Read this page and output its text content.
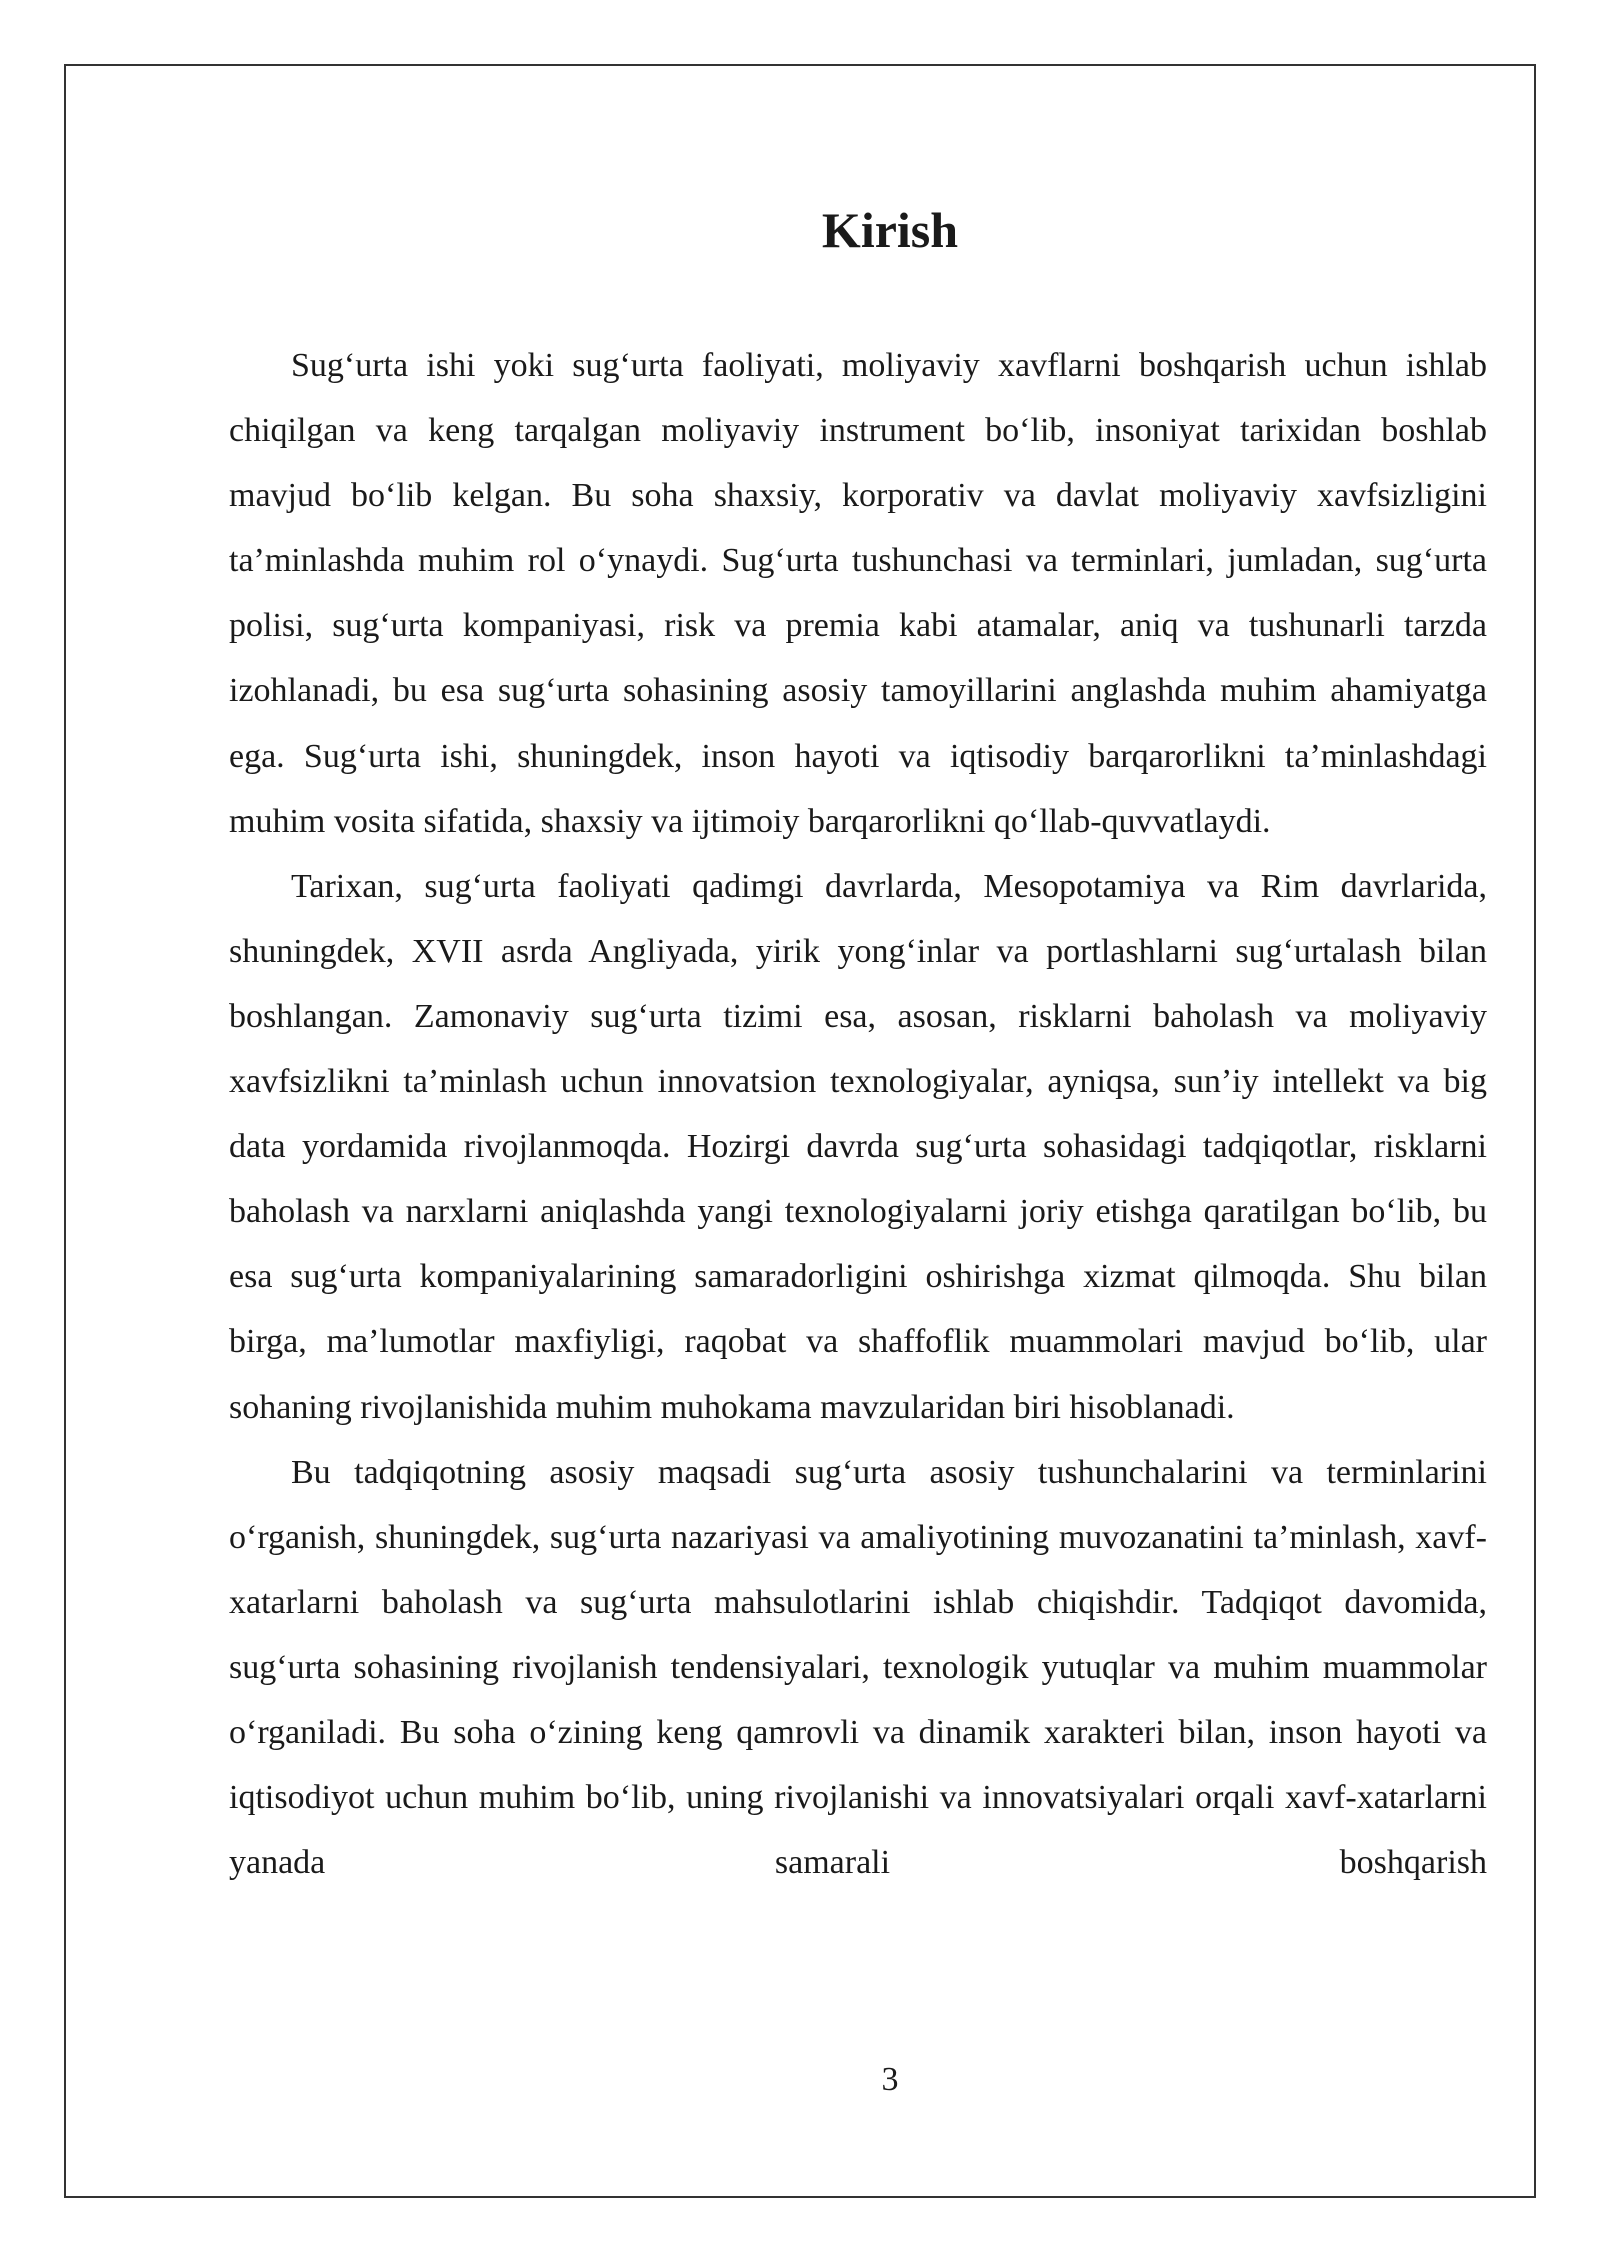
Kirish

Sug‘urta ishi yoki sug‘urta faoliyati, moliyaviy xavflarni boshqarish uchun ishlab chiqilgan va keng tarqalgan moliyaviy instrument bo‘lib, insoniyat tarixidan boshlab mavjud bo‘lib kelgan. Bu soha shaxsiy, korporativ va davlat moliyaviy xavfsizligini ta’minlashda muhim rol o‘ynaydi. Sug‘urta tushunchasi va terminlari, jumladan, sug‘urta polisi, sug‘urta kompaniyasi, risk va premia kabi atamalar, aniq va tushunarli tarzda izohlanadi, bu esa sug‘urta sohasining asosiy tamoyillarini anglashda muhim ahamiyatga ega. Sug‘urta ishi, shuningdek, inson hayoti va iqtisodiy barqarorlikni ta’minlashdagi muhim vosita sifatida, shaxsiy va ijtimoiy barqarorlikni qo‘llab-quvvatlaydi.

Tarixan, sug‘urta faoliyati qadimgi davrlarda, Mesopotamiya va Rim davrlarida, shuningdek, XVII asrda Angliyada, yirik yong‘inlar va portlashlarni sug‘urtalash bilan boshlangan. Zamonaviy sug‘urta tizimi esa, asosan, risklarni baholash va moliyaviy xavfsizlikni ta’minlash uchun innovatsion texnologiyalar, ayniqsa, sun’iy intellekt va big data yordamida rivojlanmoqda. Hozirgi davrda sug‘urta sohasidagi tadqiqotlar, risklarni baholash va narxlarni aniqlashda yangi texnologiyalarni joriy etishga qaratilgan bo‘lib, bu esa sug‘urta kompaniyalarining samaradorligini oshirishga xizmat qilmoqda. Shu bilan birga, ma’lumotlar maxfiyligi, raqobat va shaffoflik muammolari mavjud bo‘lib, ular sohaning rivojlanishida muhim muhokama mavzularidan biri hisoblanadi.

Bu tadqiqotning asosiy maqsadi sug‘urta asosiy tushunchalarini va terminlarini o‘rganish, shuningdek, sug‘urta nazariyasi va amaliyotining muvozanatini ta’minlash, xavf-xatarlarni baholash va sug‘urta mahsulotlarini ishlab chiqishdir. Tadqiqot davomida, sug‘urta sohasining rivojlanish tendensiyalari, texnologik yutuqlar va muhim muammolar o‘rganiladi. Bu soha o‘zining keng qamrovli va dinamik xarakteri bilan, inson hayoti va iqtisodiyot uchun muhim bo‘lib, uning rivojlanishi va innovatsiyalari orqali xavf-xatarlarni yanada samarali boshqarish

3
